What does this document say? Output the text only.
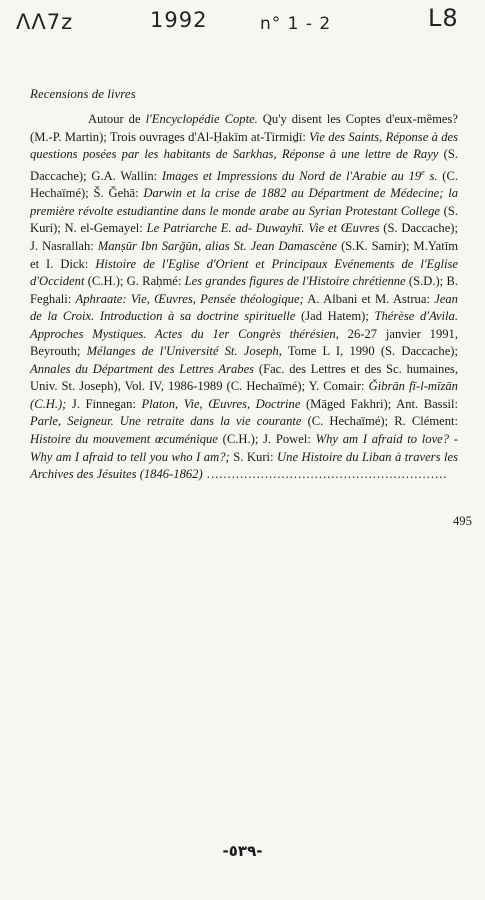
ΛΛ7z	1992	n° 1 - 2	L8
Recensions de livres
Autour de l'Encyclopédie Copte. Qu'y disent les Coptes d'eux-mêmes? (M.-P. Martin); Trois ouvrages d'Al-Ḥakīm at-Tirmiḏī: Vie des Saints, Réponse à des questions posées par les habitants de Sarkhas, Réponse à une lettre de Rayy (S. Daccache); G.A. Wallin: Images et Impressions du Nord de l'Arabie au 19e s. (C. Hechaïmé); Š. Ǧehā: Darwin et la crise de 1882 au Départment de Médecine; la première révolte estudiantine dans le monde arabe au Syrian Protestant College (S. Kuri); N. el-Gemayel: Le Patriarche E. ad- Duwayhī. Vie et Œuvres (S. Daccache); J. Nasrallah: Manṣūr Ibn Sarǧūn, alias St. Jean Damascène (S.K. Samir); M.Yatīm et I. Dick: Histoire de l'Eglise d'Orient et Principaux Evénements de l'Eglise d'Occident (C.H.); G. Raḥmé: Les grandes figures de l'Histoire chrétienne (S.D.); B. Feghali: Aphraate: Vie, Œuvres, Pensée théologique; A. Albani et M. Astrua: Jean de la Croix. Introduction à sa doctrine spirituelle (Jad Hatem); Thérèse d'Avila. Approches Mystiques. Actes du 1er Congrès thérésien, 26-27 janvier 1991, Beyrouth; Mélanges de l'Université St. Joseph, Tome L I, 1990 (S. Daccache); Annales du Départment des Lettres Arabes (Fac. des Lettres et des Sc. humaines, Univ. St. Joseph), Vol. IV, 1986-1989 (C. Hechaïmé); Y. Comair: Ǧibrān fī-l-mīzān (C.H.); J. Finnegan: Platon, Vie, Œuvres, Doctrine (Māged Fakhri); Ant. Bassil: Parle, Seigneur. Une retraite dans la vie courante (C. Hechaïmé); R. Clément: Histoire du mouvement œcuménique (C.H.); J. Powel: Why am I afraid to love? - Why am I afraid to tell you who I am?; S. Kuri: Une Histoire du Liban à travers les Archives des Jésuites (1846-1862) ..........................................................
495
-٥٣٩-
